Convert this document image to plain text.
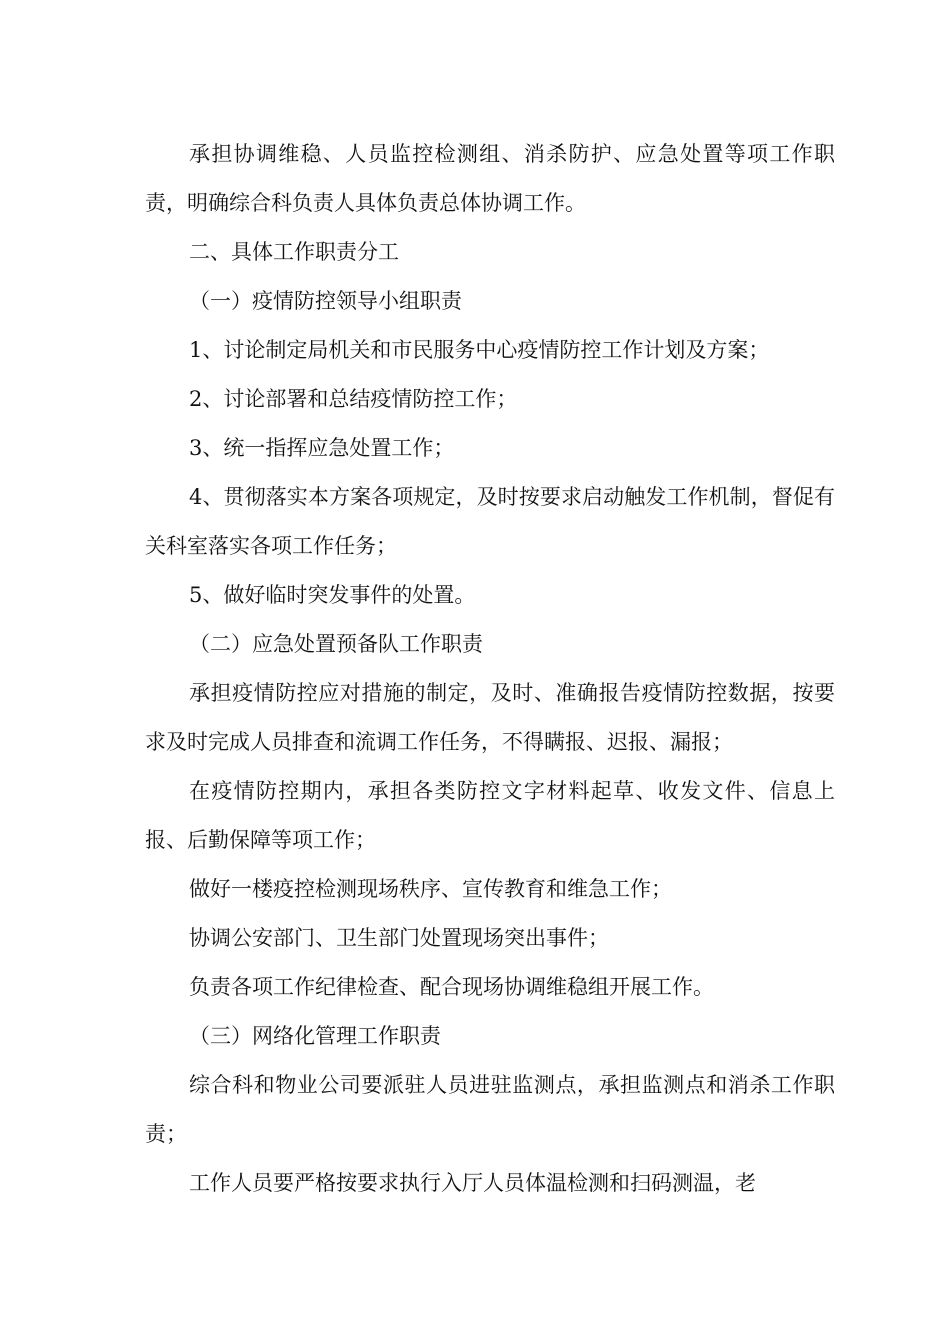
承担协调维稳、人员监控检测组、消杀防护、应急处置等项工作职责，明确综合科负责人具体负责总体协调工作。

二、具体工作职责分工

（一）疫情防控领导小组职责

1、讨论制定局机关和市民服务中心疫情防控工作计划及方案；

2、讨论部署和总结疫情防控工作；

3、统一指挥应急处置工作；

4、贯彻落实本方案各项规定，及时按要求启动触发工作机制，督促有关科室落实各项工作任务；

5、做好临时突发事件的处置。

（二）应急处置预备队工作职责

承担疫情防控应对措施的制定，及时、准确报告疫情防控数据，按要求及时完成人员排查和流调工作任务，不得瞒报、迟报、漏报；

在疫情防控期内，承担各类防控文字材料起草、收发文件、信息上报、后勤保障等项工作；

做好一楼疫控检测现场秩序、宣传教育和维急工作；

协调公安部门、卫生部门处置现场突出事件；

负责各项工作纪律检查、配合现场协调维稳组开展工作。

（三）网络化管理工作职责

综合科和物业公司要派驻人员进驻监测点，承担监测点和消杀工作职责；

工作人员要严格按要求执行入厅人员体温检测和扫码测温，老
